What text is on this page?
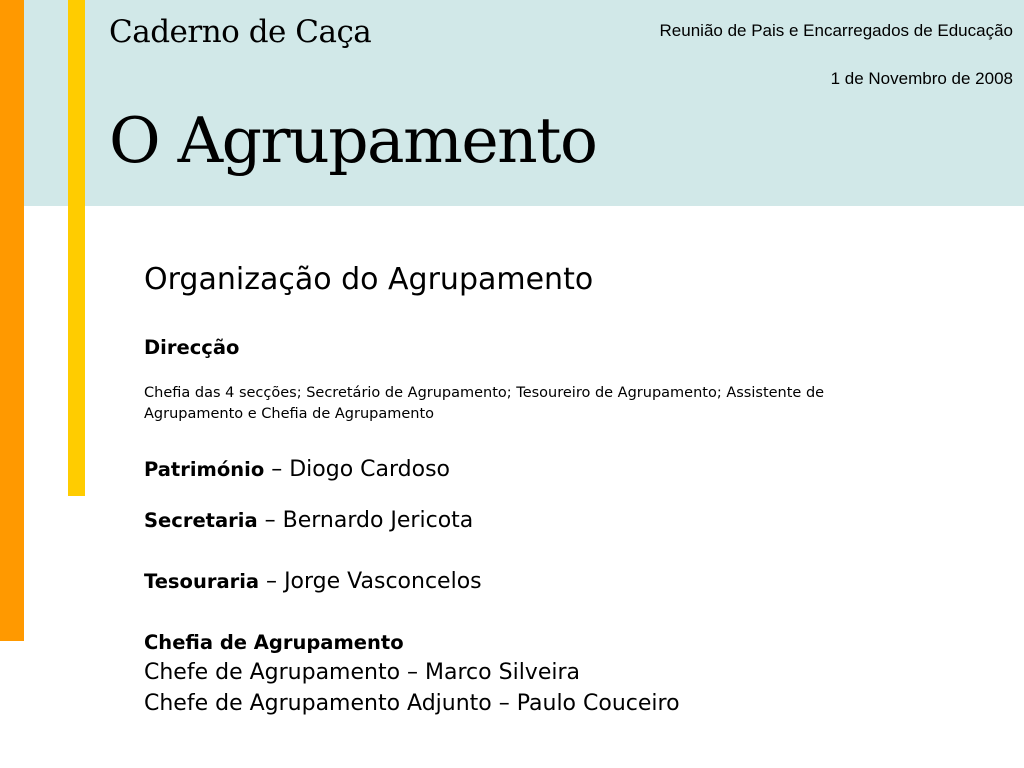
Caderno de Caça	Reunião de Pais e Encarregados de Educação
1 de Novembro de 2008
O Agrupamento
Organização do Agrupamento
Direcção
Chefia das 4 secções; Secretário de Agrupamento; Tesoureiro de Agrupamento; Assistente de Agrupamento e Chefia de Agrupamento
Património – Diogo Cardoso
Secretaria – Bernardo Jericota
Tesouraria – Jorge Vasconcelos
Chefia de Agrupamento
Chefe de Agrupamento – Marco Silveira
Chefe de Agrupamento Adjunto – Paulo Couceiro
